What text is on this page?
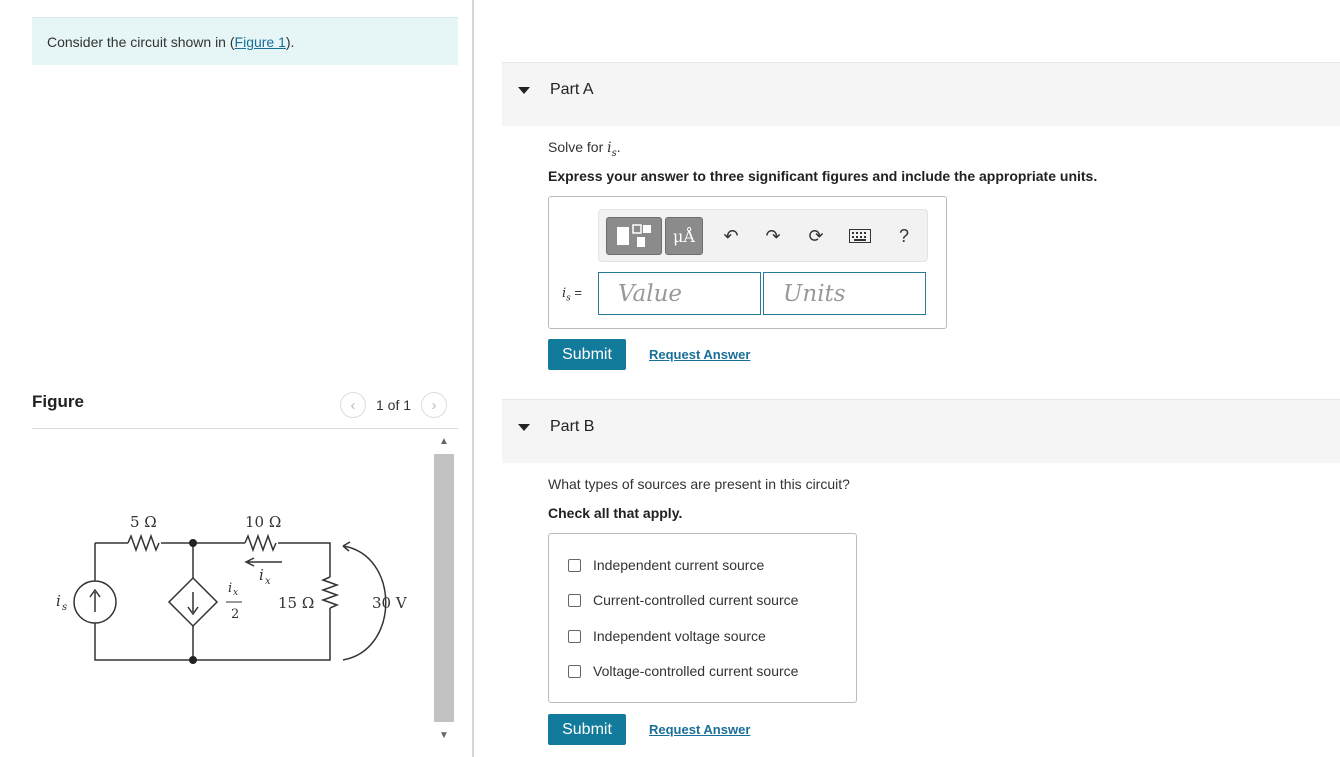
Consider the circuit shown in (Figure 1).
Figure	‹ 1 of 1 ›
5 Ω	10 Ω
15 Ω	30 V
i s
i x
i x
2
▲
▼
Part A
Solve for $i_s$.
Express your answer to three significant figures and include the appropriate units.
μÅ	↶ ↷ ⟳	?
$i_s$ = Value	Units
Submit	Request Answer
Part B
What types of sources are present in this circuit?
Check all that apply.
Independent current source
Current-controlled current source
Independent voltage source
Voltage-controlled current source
Submit	Request Answer
